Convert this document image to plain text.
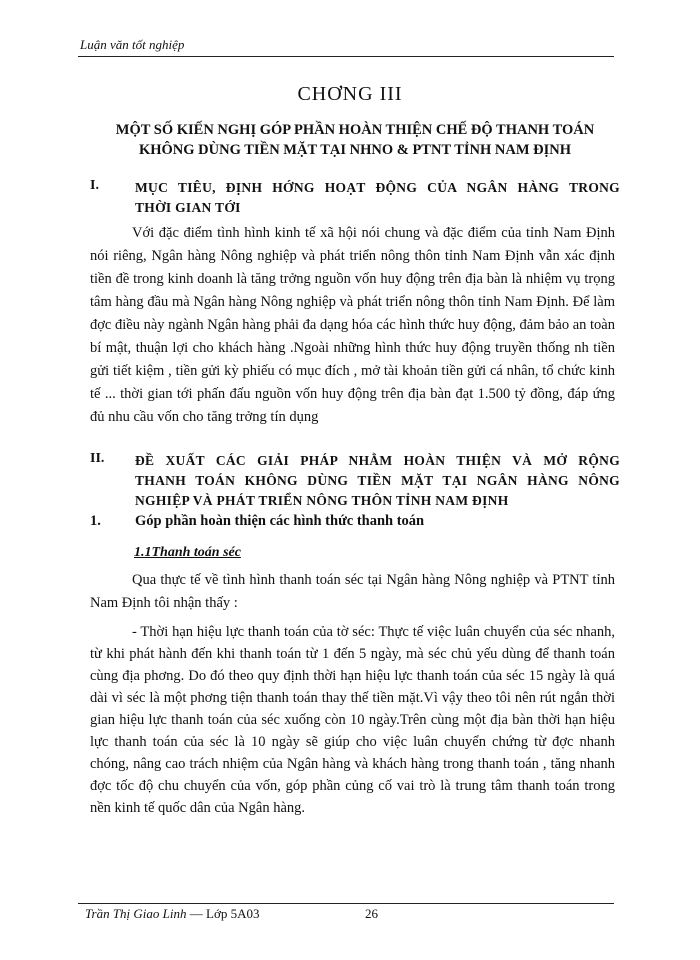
Luận văn tốt nghiệp
CHƠNG III
MỘT SỐ KIẾN NGHỊ GÓP PHẦN HOÀN THIỆN CHẾ ĐỘ THANH TOÁN KHÔNG DÙNG TIỀN MẶT TẠI NHNO & PTNT TỈNH NAM ĐỊNH
I.	MỤC TIÊU, ĐỊNH HỚNG HOẠT ĐỘNG CỦA NGÂN HÀNG TRONG
THỜI GIAN TỚI
Với đặc điểm tình hình kinh tế xã hội nói chung và đặc điểm của tỉnh Nam Định nói riêng, Ngân hàng Nông nghiệp và phát triển nông thôn tỉnh Nam Định vẫn xác định tiền đề trong kinh doanh là tăng trởng nguồn vốn huy động trên địa bàn là nhiệm vụ trọng tâm hàng đầu mà Ngân hàng Nông nghiệp và phát triển nông thôn tỉnh Nam Định. Để làm đợc điều này ngành Ngân hàng phải đa dạng hóa các hình thức huy động, đảm bảo an toàn bí mật, thuận lợi cho khách hàng .Ngoài những hình thức huy động truyền thống nh tiền gửi tiết kiệm , tiền gửi kỳ phiếu có mục đích , mở tài khoản tiền gửi cá nhân, tổ chức kinh tế ... thời gian tới phấn đấu nguồn vốn huy động trên địa bàn đạt 1.500 tỷ đồng, đáp ứng đủ nhu cầu vốn cho tăng trởng tín dụng
II. ĐỀ XUẤT CÁC GIẢI PHÁP NHẰM HOÀN THIỆN VÀ MỞ RỘNG
THANH TOÁN KHÔNG DÙNG TIỀN MẶT TẠI NGÂN HÀNG NÔNG
NGHIỆP VÀ PHÁT TRIỂN NÔNG THÔN TỈNH NAM ĐỊNH
1. Góp phần hoàn thiện các hình thức thanh toán
1.1Thanh toán séc
Qua thực tế về tình hình thanh toán séc tại Ngân hàng Nông nghiệp và PTNT tỉnh Nam Định tôi nhận thấy :
- Thời hạn hiệu lực thanh toán của tờ séc: Thực tế việc luân chuyển của séc nhanh, từ khi phát hành đến khi thanh toán từ 1 đến 5 ngày, mà séc chủ yếu dùng để thanh toán cùng địa phơng. Do đó theo quy định thời hạn hiệu lực thanh toán của séc 15 ngày là quá dài vì séc là một phơng tiện thanh toán thay thế tiền mặt.Vì vậy theo tôi nên rút ngắn thời gian hiệu lực thanh toán của séc xuống còn 10 ngày.Trên cùng một địa bàn thời hạn hiệu lực thanh toán của séc là 10 ngày sẽ giúp cho việc luân chuyển chứng từ đợc nhanh chóng, nâng cao trách nhiệm của Ngân hàng và khách hàng trong thanh toán , tăng nhanh đợc tốc độ chu chuyển của vốn, góp phần củng cố vai trò là trung tâm thanh toán trong nền kinh tế quốc dân của Ngân hàng.
Trần Thị Giao Linh — Lớp 5A03	26
